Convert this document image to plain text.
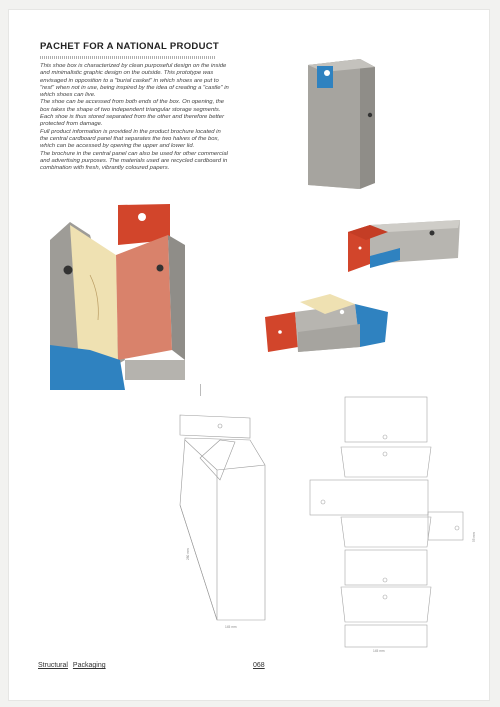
PACHET FOR A NATIONAL PRODUCT

This shoe box is characterized by clean purposeful design on the inside and minimalistic graphic design on the outside. This prototype was envisaged in opposition to a "burial casket" in which shoes are put to "rest" when not in use, being inspired by the idea of creating a "castle" in which shoes can live.

The shoe can be accessed from both ends of the box. On opening, the box takes the shape of two independent triangular storage segments. Each shoe is thus stored separated from the other and therefore better protected from damage.

Full product information is provided in the product brochure located in the central cardboard panel that separates the two halves of the box, which can be accessed by opening the upper and lower lid.

The brochure in the central panel can also be used for other commercial and advertising purposes. The materials used are recycled cardboard in combination with fresh, vibrantly coloured papers.

145 mm
280 mm
145 mm
55 mm
Structural Packaging	068
